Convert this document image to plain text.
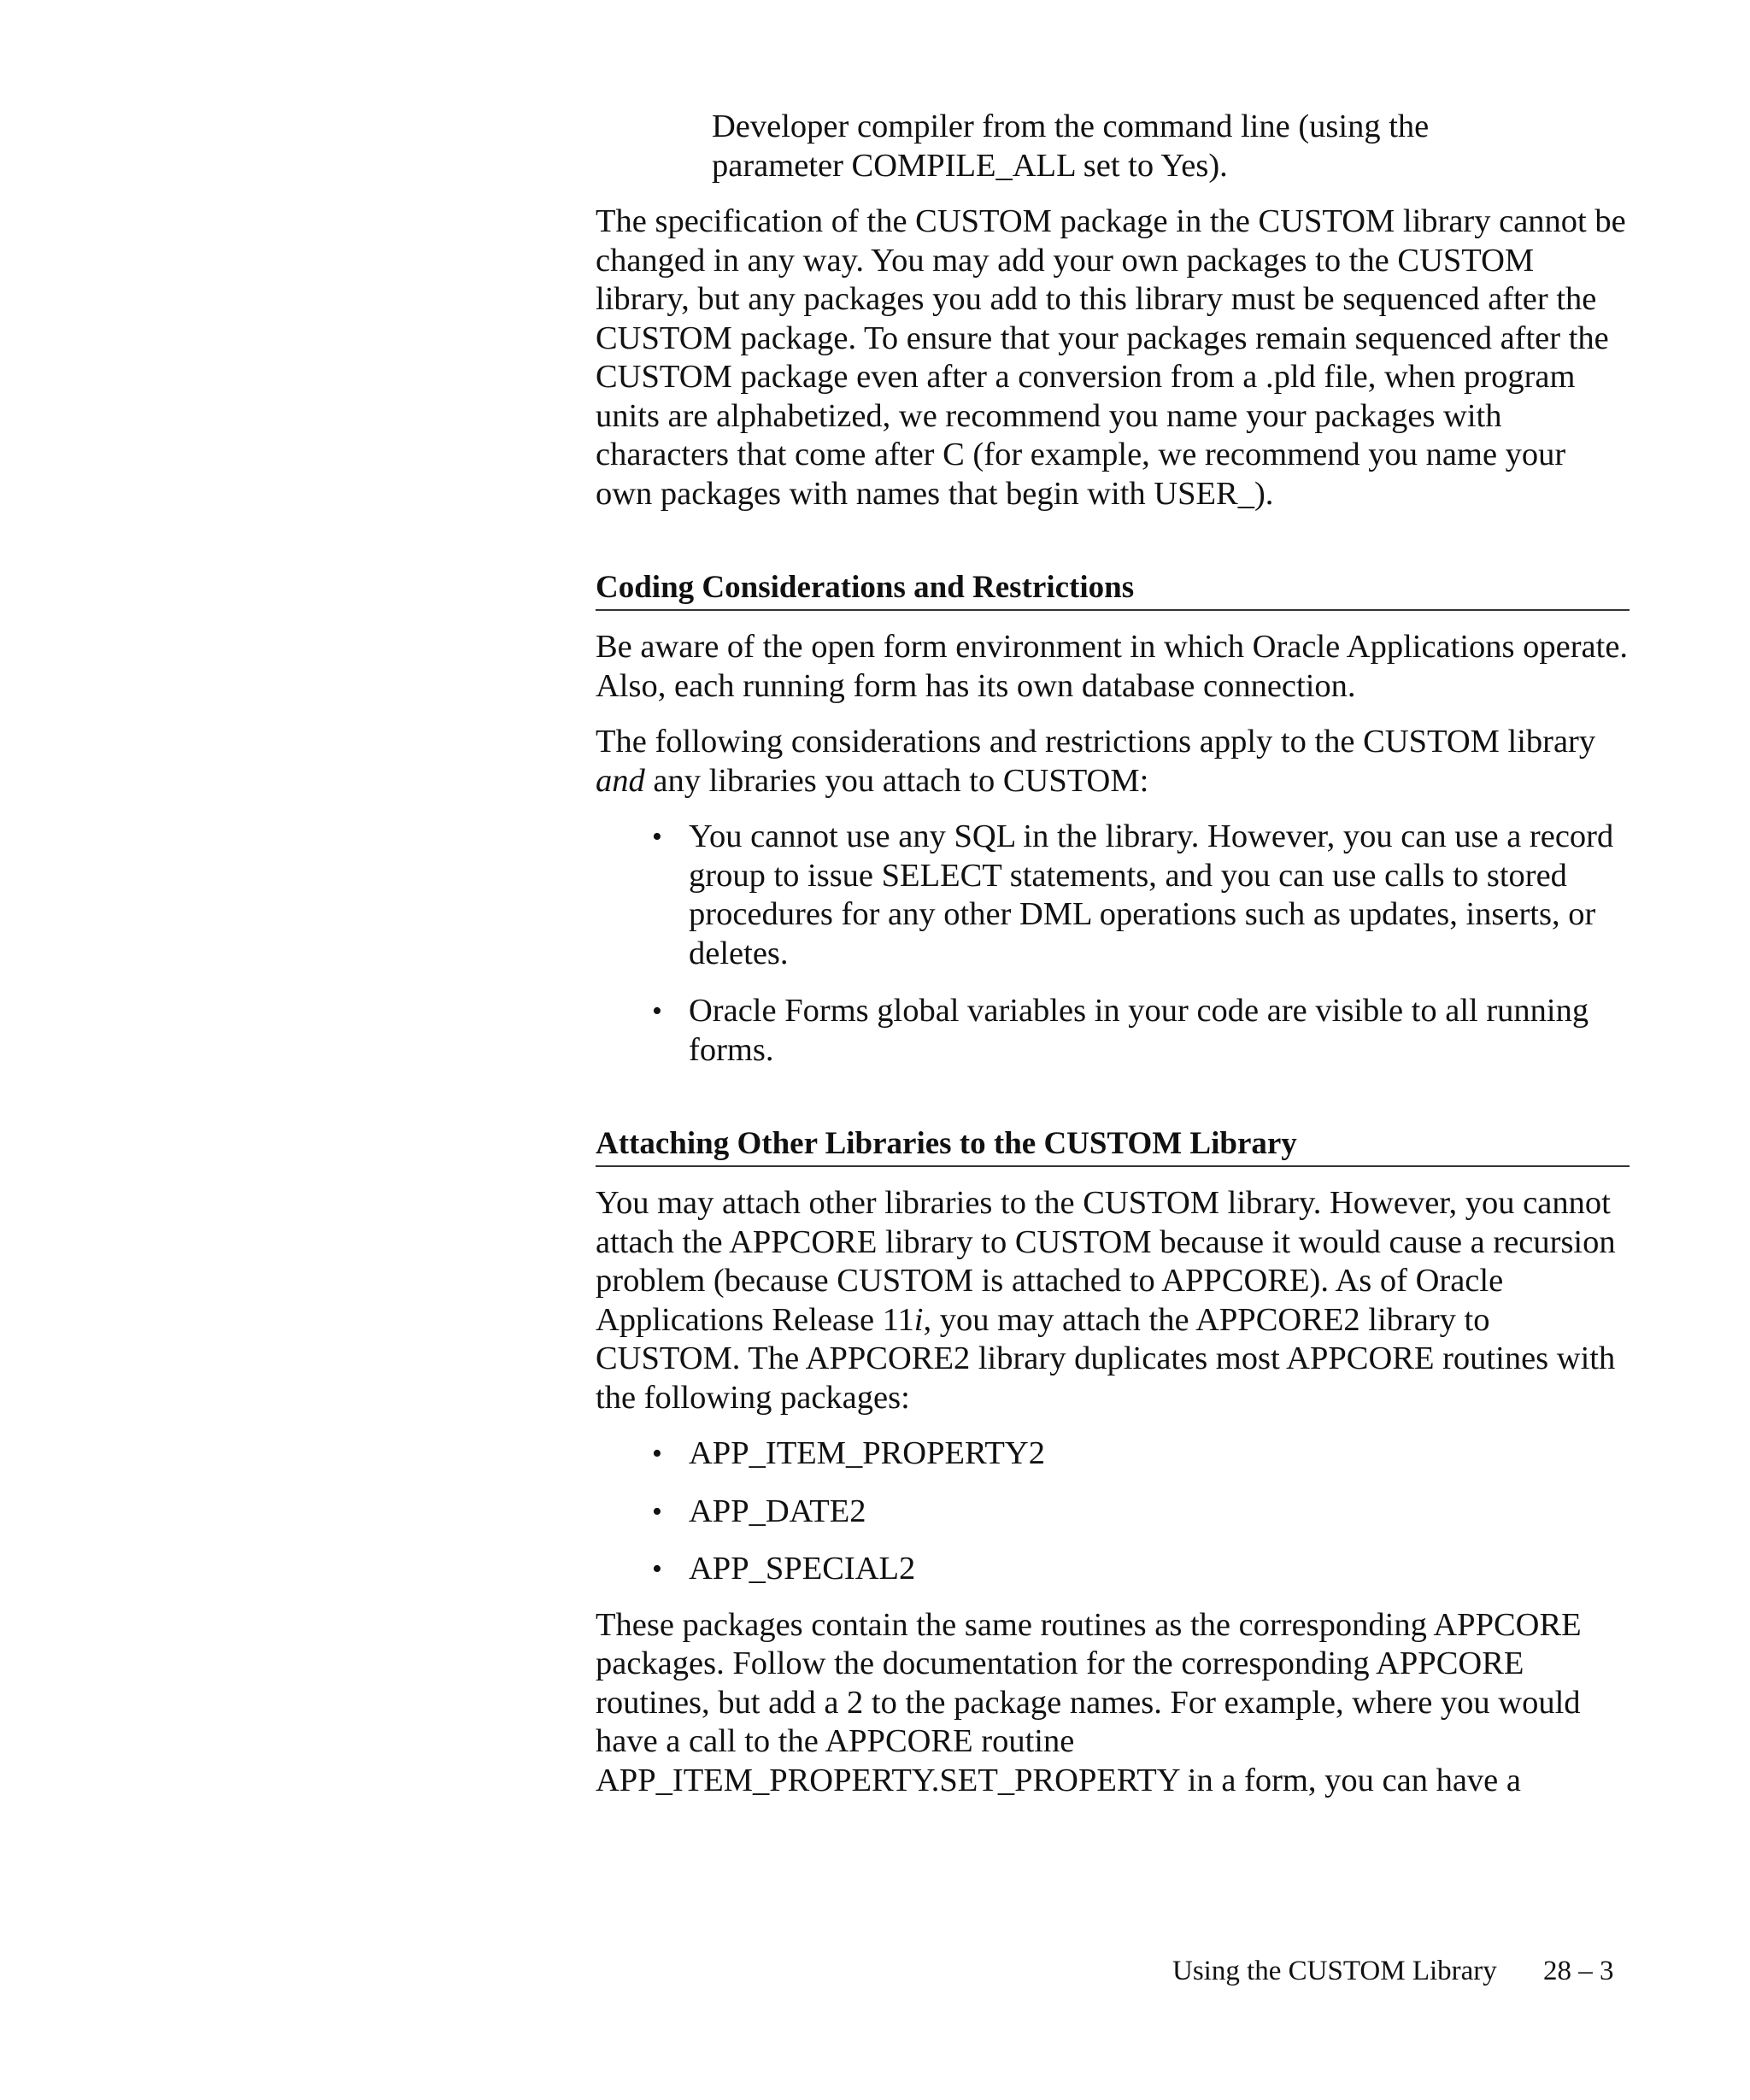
Developer compiler from the command line (using the
parameter COMPILE_ALL set to Yes).

The specification of the CUSTOM package in the CUSTOM library cannot be changed in any way. You may add your own packages to the CUSTOM library, but any packages you add to this library must be sequenced after the CUSTOM package. To ensure that your packages remain sequenced after the CUSTOM package even after a conversion from a .pld file, when program units are alphabetized, we recommend you name your packages with characters that come after C (for example, we recommend you name your own packages with names that begin with USER_).

Coding Considerations and Restrictions

Be aware of the open form environment in which Oracle Applications operate. Also, each running form has its own database connection.

The following considerations and restrictions apply to the CUSTOM library and any libraries you attach to CUSTOM:

• You cannot use any SQL in the library. However, you can use a record group to issue SELECT statements, and you can use calls to stored procedures for any other DML operations such as updates, inserts, or deletes.
• Oracle Forms global variables in your code are visible to all running forms.
Attaching Other Libraries to the CUSTOM Library

You may attach other libraries to the CUSTOM library. However, you cannot attach the APPCORE library to CUSTOM because it would cause a recursion problem (because CUSTOM is attached to APPCORE). As of Oracle Applications Release 11i, you may attach the APPCORE2 library to CUSTOM. The APPCORE2 library duplicates most APPCORE routines with the following packages:

• APP_ITEM_PROPERTY2
• APP_DATE2
• APP_SPECIAL2

These packages contain the same routines as the corresponding APPCORE packages. Follow the documentation for the corresponding APPCORE routines, but add a 2 to the package names. For example, where you would have a call to the APPCORE routine APP_ITEM_PROPERTY.SET_PROPERTY in a form, you can have a

Using the CUSTOM Library 28 – 3
